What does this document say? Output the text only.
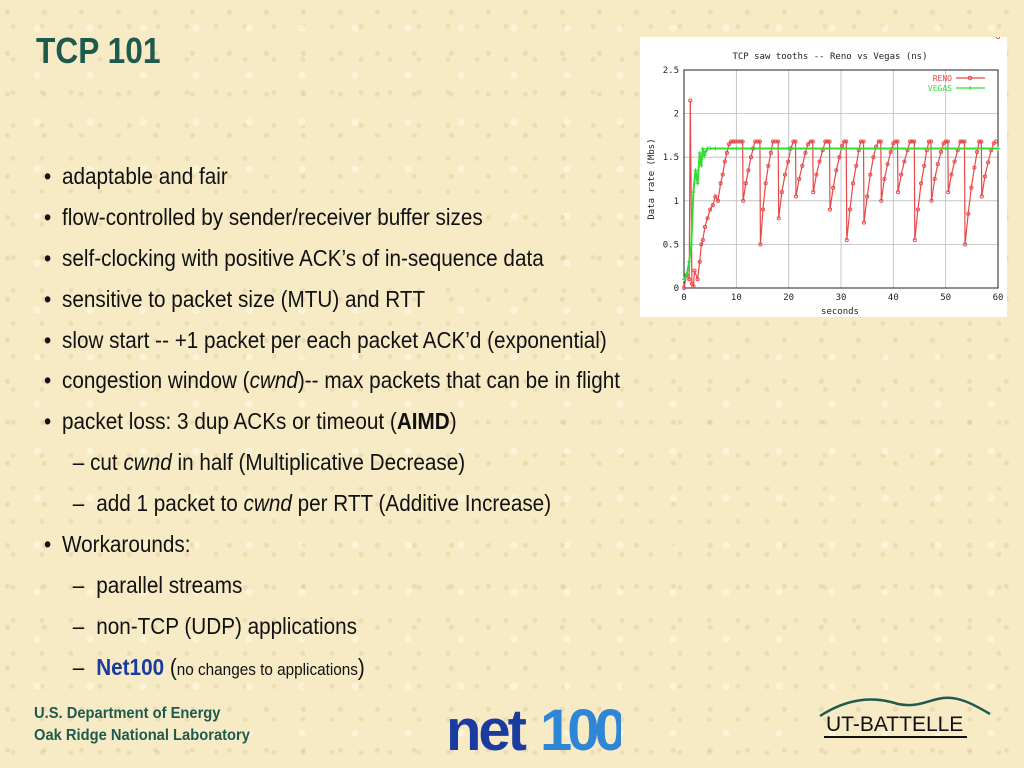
TCP 101
• adaptable and fair
• flow-controlled by sender/receiver buffer sizes
• self-clocking with positive ACK’s of in-sequence data
• sensitive to packet size (MTU) and RTT
• slow start -- +1 packet per each packet ACK’d (exponential)
• congestion window (cwnd)-- max packets that can be in flight
• packet loss: 3 dup ACKs or timeout (AIMD)
– cut cwnd in half (Multiplicative Decrease)
– add 1 packet to cwnd per RTT (Additive Increase)
• Workarounds:
– parallel streams
– non-TCP (UDP) applications
– Net100 (no changes to applications)
TCP saw tooths -- Reno vs Vegas (ns)
0	10	20	30	40	50	60
0
0.5
1
1.5
2
2.5
seconds
Data rate (Mbs)
RENO
VEGAS
U.S. Department of Energy
Oak Ridge National Laboratory	net 100	UT-BATTELLE
